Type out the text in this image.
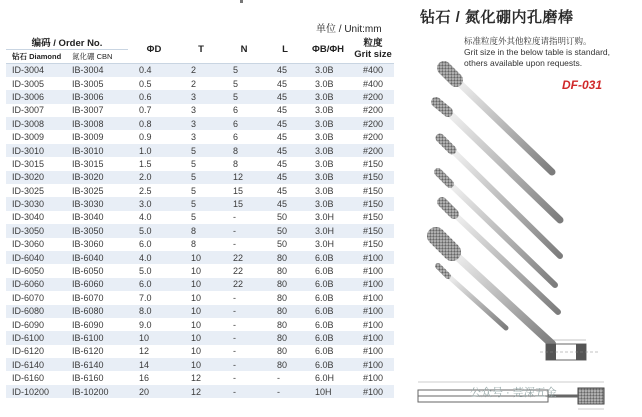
单位 / Unit:mm
编码 / Order No.		ΦD	T	N	L	ΦB/ΦH	粒度
Grit size

钻石 Diamond	氮化硼 CBN						
ID-3004	IB-3004	0.4	2	5	45	3.0B	#400
ID-3005	IB-3005	0.5	2	5	45	3.0B	#400
ID-3006	IB-3006	0.6	3	5	45	3.0B	#200
ID-3007	IB-3007	0.7	3	6	45	3.0B	#200
ID-3008	IB-3008	0.8	3	6	45	3.0B	#200
ID-3009	IB-3009	0.9	3	6	45	3.0B	#200
ID-3010	IB-3010	1.0	5	8	45	3.0B	#200
ID-3015	IB-3015	1.5	5	8	45	3.0B	#150
ID-3020	IB-3020	2.0	5	12	45	3.0B	#150
ID-3025	IB-3025	2.5	5	15	45	3.0B	#150
ID-3030	IB-3030	3.0	5	15	45	3.0B	#150
ID-3040	IB-3040	4.0	5	-	50	3.0H	#150
ID-3050	IB-3050	5.0	8	-	50	3.0H	#150
ID-3060	IB-3060	6.0	8	-	50	3.0H	#150
ID-6040	IB-6040	4.0	10	22	80	6.0B	#100
ID-6050	IB-6050	5.0	10	22	80	6.0B	#100
ID-6060	IB-6060	6.0	10	22	80	6.0B	#100
ID-6070	IB-6070	7.0	10	-	80	6.0B	#100
ID-6080	IB-6080	8.0	10	-	80	6.0B	#100
ID-6090	IB-6090	9.0	10	-	80	6.0B	#100
ID-6100	IB-6100	10	10	-	80	6.0B	#100
ID-6120	IB-6120	12	10	-	80	6.0B	#100
ID-6140	IB-6140	14	10	-	80	6.0B	#100
ID-6160	IB-6160	16	12	-	-	6.0H	#100
ID-10200	IB-10200	20	12	-	-	10H	#100
钻石 / 氮化硼内孔磨棒
标准粒度外其他粒度请指明订购。
Grit size in the below table is standard,
others available upon requests.
DF-031
公众号 · 莞深五金
